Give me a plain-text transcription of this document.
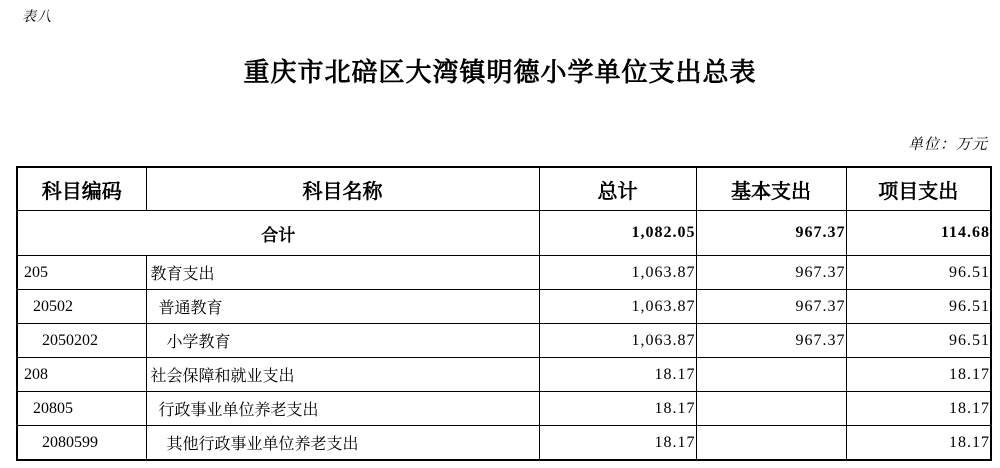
表八
重庆市北碚区大湾镇明德小学单位支出总表
单位：万元
科目编码	科目名称	总计	基本支出	项目支出
合计		1,082.05	967.37	114.68
205	教育支出	1,063.87	967.37	96.51
20502	普通教育	1,063.87	967.37	96.51
2050202	小学教育	1,063.87	967.37	96.51
208	社会保障和就业支出	18.17		18.17
20805	行政事业单位养老支出	18.17		18.17
2080599	其他行政事业单位养老支出	18.17		18.17
